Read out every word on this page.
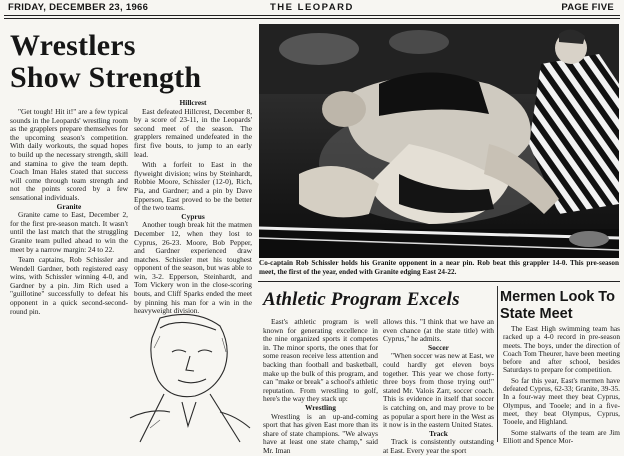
FRIDAY, DECEMBER 23, 1966	THE LEOPARD	PAGE FIVE
Wrestlers
Show Strength

"Get tough! Hit it!" are a few typical sounds in the Leopards' wrestling room as the grapplers prepare themselves for the upcoming season's competition. With daily workouts, the squad hopes to build up the necessary strength, skill and stamina to give the team depth. Coach Iman Hales stated that success will come through team strength and not the points scored by a few sensational individuals.

Granite

Granite came to East, December 2, for the first pre-season match. It wasn't until the last match that the struggling Granite team pulled ahead to win the meet by a narrow margin: 24 to 22.

Team captains, Rob Schissler and Wendell Gardner, both registered easy wins, with Schissler winning 4-0, and Gardner by a pin. Jim Rich used a "guillotine" successfully to defeat his opponent in a quick second-second-round pin.

Hillcrest

East defeated Hillcrest, December 8, by a score of 23-11, in the Leopards' second meet of the season. The grapplers remained undefeated in the first five bouts, to jump to an early lead.

With a forfeit to East in the flyweight division; wins by Steinhardt, Robbie Moore, Schissler (12-0), Rich, Pia, and Gardner; and a pin by Dave Epperson, East proved to be the better of the two teams.

Cyprus

Another tough break hit the matmen December 12, when they lost to Cyprus, 26-23. Moore, Bob Pepper, and Gardner experienced draw matches. Schissler met his toughest opponent of the season, but was able to win, 3-2. Epperson, Steinhardt, and Tom Vickery won in the close-scoring bouts, and Cliff Sparks ended the meet by pinning his man for a win in the heavyweight division.

Co-captain Rob Schissler holds his Granite opponent in a near pin. Rob beat this grappler 14-0. This pre-season meet, the first of the year, ended with Granite edging East 24-22.

Athletic Program Excels

East's athletic program is well known for generating excellence in the nine organized sports it competes in. The minor sports, the ones that for some reason receive less attention and backing than football and basketball, make up the bulk of this program, and can "make or break" a school's athletic reputation. From wrestling to golf, here's the way they stack up:

Wrestling

Wrestling is an up-and-coming sport that has given East more than its share of state champions. "We always have at least one state champ," said Mr. Iman

allows this. "I think that we have an even chance (at the state title) with Cyprus," he admits.

Soccer

"When soccer was new at East, we could hardly get eleven boys together. This year we chose forty-three boys from those trying out!" stated Mr. Valois Zarr, soccer coach. This is evidence in itself that soccer is catching on, and may prove to be as popular a sport here in the West as it now is in the eastern United States.

Track

Track is consistently outstanding at East. Every year the sport

Mermen Look To State Meet

The East High swimming team has racked up a 4-0 record in pre-season meets. The boys, under the direction of Coach Tom Theurer, have been meeting before and after school, besides Saturdays to prepare for competition.

So far this year, East's mermen have defeated Cyprus, 62-33; Granite, 39-35. In a four-way meet they beat Cyprus, Olympus, and Tooele; and in a five-meet, they beat Olympus, Cyprus, Tooele, and Highland.

Some stalwarts of the team are Jim Elliott and Spence Mor-
